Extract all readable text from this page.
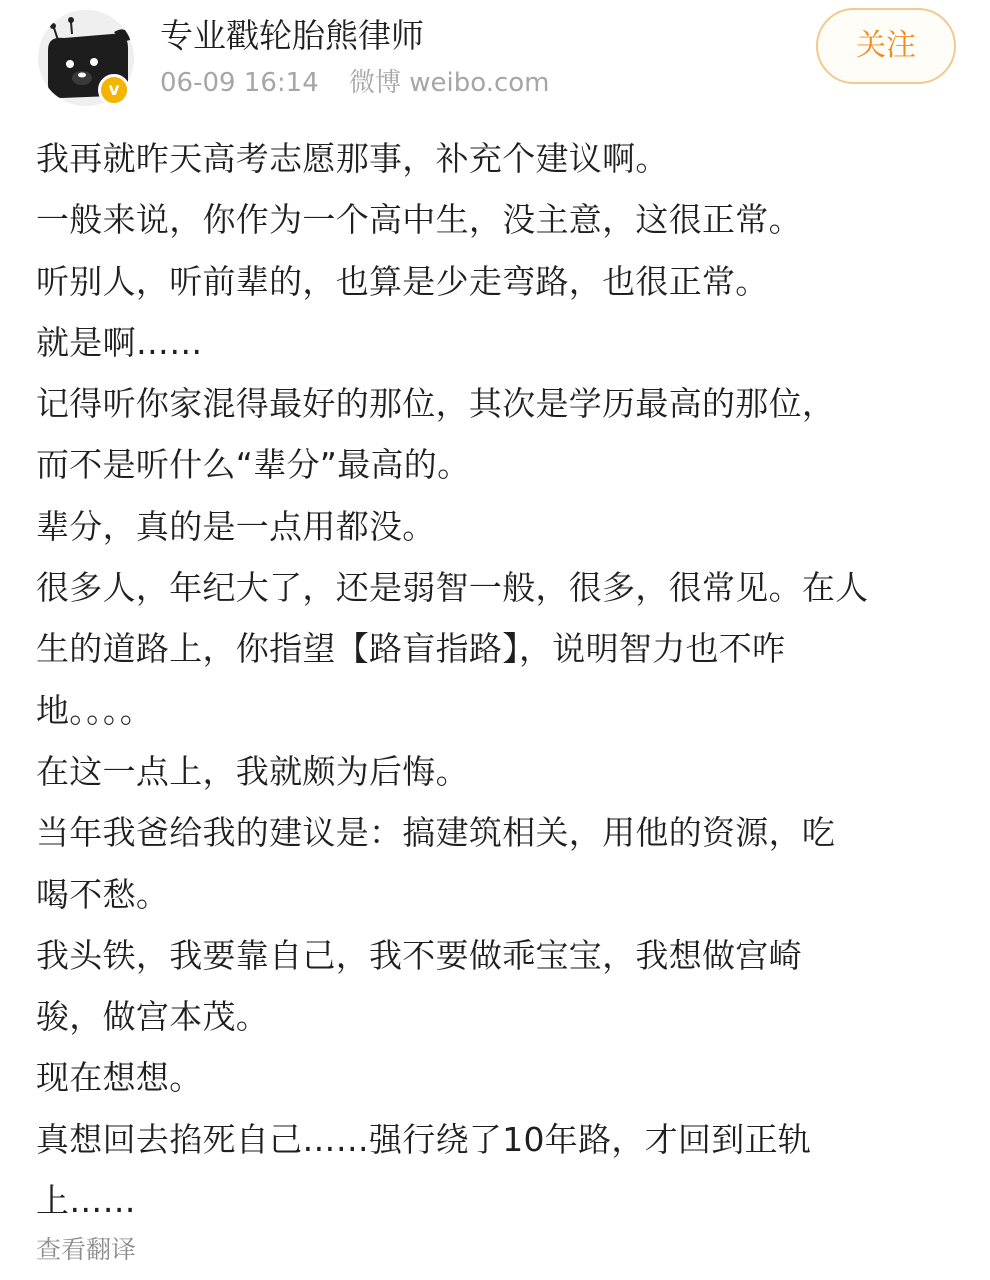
v
专业戳轮胎熊律师
06-09 16:14 微博 weibo.com
关注
我再就昨天高考志愿那事，补充个建议啊。
一般来说，你作为一个高中生，没主意，这很正常。
听别人，听前辈的，也算是少走弯路，也很正常。
就是啊……
记得听你家混得最好的那位，其次是学历最高的那位，
而不是听什么“辈分”最高的。
辈分，真的是一点用都没。
很多人，年纪大了，还是弱智一般，很多，很常见。在人
生的道路上，你指望【路盲指路】，说明智力也不咋
地。。。。
在这一点上，我就颇为后悔。
当年我爸给我的建议是：搞建筑相关，用他的资源，吃
喝不愁。
我头铁，我要靠自己，我不要做乖宝宝，我想做宫崎
骏，做宫本茂。
现在想想。
真想回去掐死自己……强行绕了10年路，才回到正轨
上……
查看翻译
